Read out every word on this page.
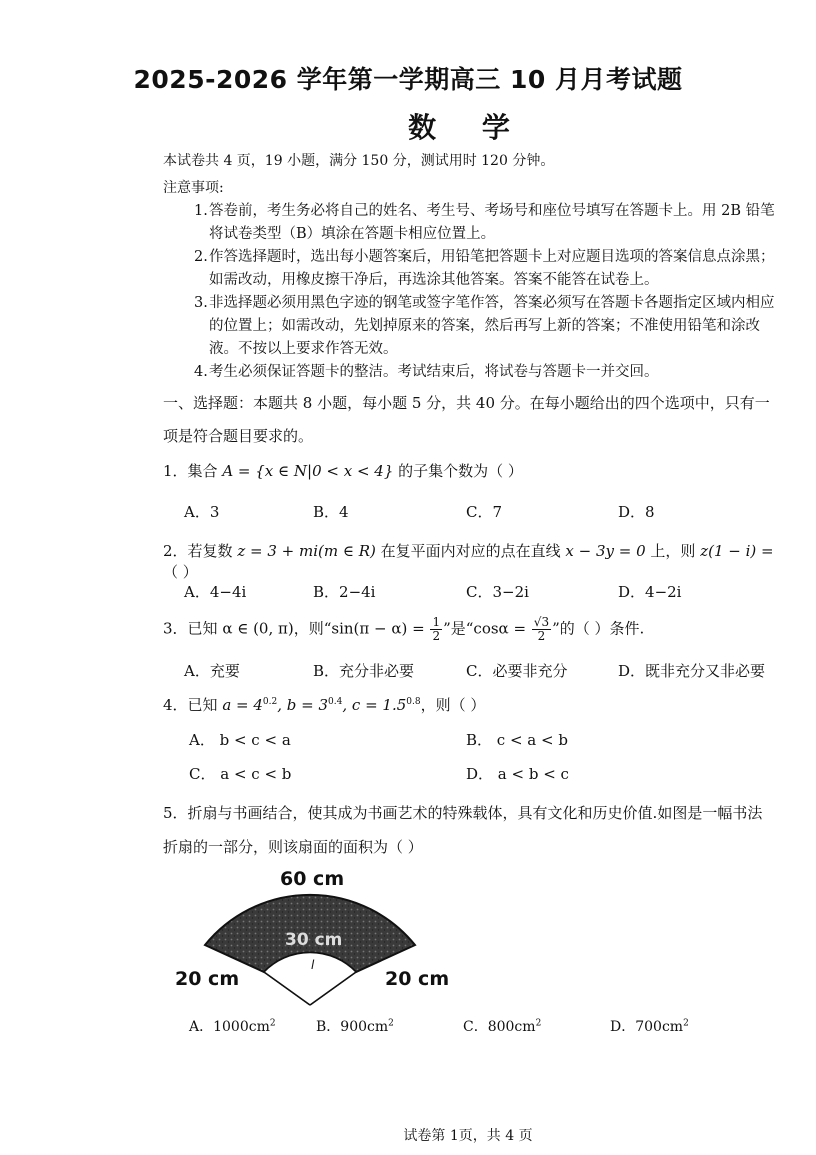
2025-2026 学年第一学期高三 10 月月考试题
数 学
本试卷共 4 页，19 小题，满分 150 分，测试用时 120 分钟。
注意事项:
1. 答卷前，考生务必将自己的姓名、考生号、考场号和座位号填写在答题卡上。用 2B 铅笔将试卷类型（B）填涂在答题卡相应位置上。
2. 作答选择题时，选出每小题答案后，用铅笔把答题卡上对应题目选项的答案信息点涂黑；如需改动，用橡皮擦干净后，再选涂其他答案。答案不能答在试卷上。
3. 非选择题必须用黑色字迹的钢笔或签字笔作答，答案必须写在答题卡各题指定区域内相应的位置上；如需改动，先划掉原来的答案，然后再写上新的答案；不准使用铅笔和涂改液。不按以上要求作答无效。
4. 考生必须保证答题卡的整洁。考试结束后，将试卷与答题卡一并交回。
一、选择题：本题共 8 小题，每小题 5 分，共 40 分。在每小题给出的四个选项中，只有一项是符合题目要求的。
1．集合 A = {x ∈ N|0 < x < 4} 的子集个数为（ ）
A．3	B．4	C．7	D．8
2．若复数 z = 3 + mi(m ∈ R) 在复平面内对应的点在直线 x − 3y = 0 上，则 z(1 − i) = （ ）
A．4−4i	B．2−4i	C．3−2i	D．4−2i
3．已知 α ∈ (0, π)，则“$\sin(\pi - \alpha) = \frac{1}{2}$ ”是“$\cos\alpha = \frac{√3}{2}$ ”的（ ）条件.
A．充要	B．充分非必要	C．必要非充分	D．既非充分又非必要
4．已知 $a = 4^{0.2}$, $b = 3^{0.4}$, $c = 1.5^{0.8}$，则（ ）
A． b < c < a	B． c < a < b
C． a < c < b	D． a < b < c
5．折扇与书画结合，使其成为书画艺术的特殊载体，具有文化和历史价值.如图是一幅书法
折扇的一部分，则该扇面的面积为（ ）
60 cm
30 cm
l
20 cm	20 cm
A．$1000cm^2$	B．$900cm^2$	C．$800cm^2$	D．$700cm^2$
试卷第 1页，共 4 页
